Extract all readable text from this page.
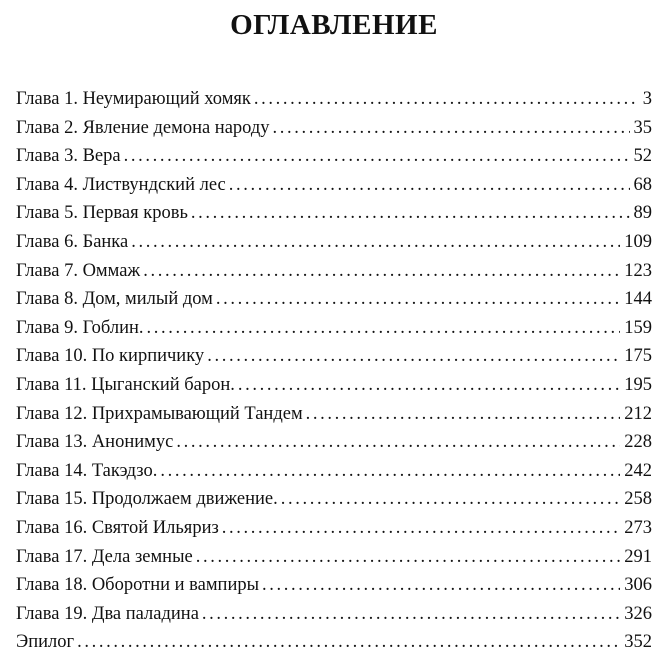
ОГЛАВЛЕНИЕ
Глава 1. Неумирающий хомяк . . .	3
Глава 2. Явление демона народу . . .	35
Глава 3. Вера . . .	52
Глава 4. Листвундский лес . . .	68
Глава 5. Первая кровь . . .	89
Глава 6. Банка . . .	109
Глава 7. Оммаж . . .	123
Глава 8. Дом, милый дом . . .	144
Глава 9. Гоблин. . . .	159
Глава 10. По кирпичику . . .	175
Глава 11. Цыганский барон. . . .	195
Глава 12. Прихрамывающий Тандем . . .	212
Глава 13. Анонимус . . .	228
Глава 14. Такэдзо. . . .	242
Глава 15. Продолжаем движение. . . .	258
Глава 16. Святой Ильяриз . . .	273
Глава 17. Дела земные . . .	291
Глава 18. Оборотни и вампиры . . .	306
Глава 19. Два паладина . . .	326
Эпилог . . .	352
